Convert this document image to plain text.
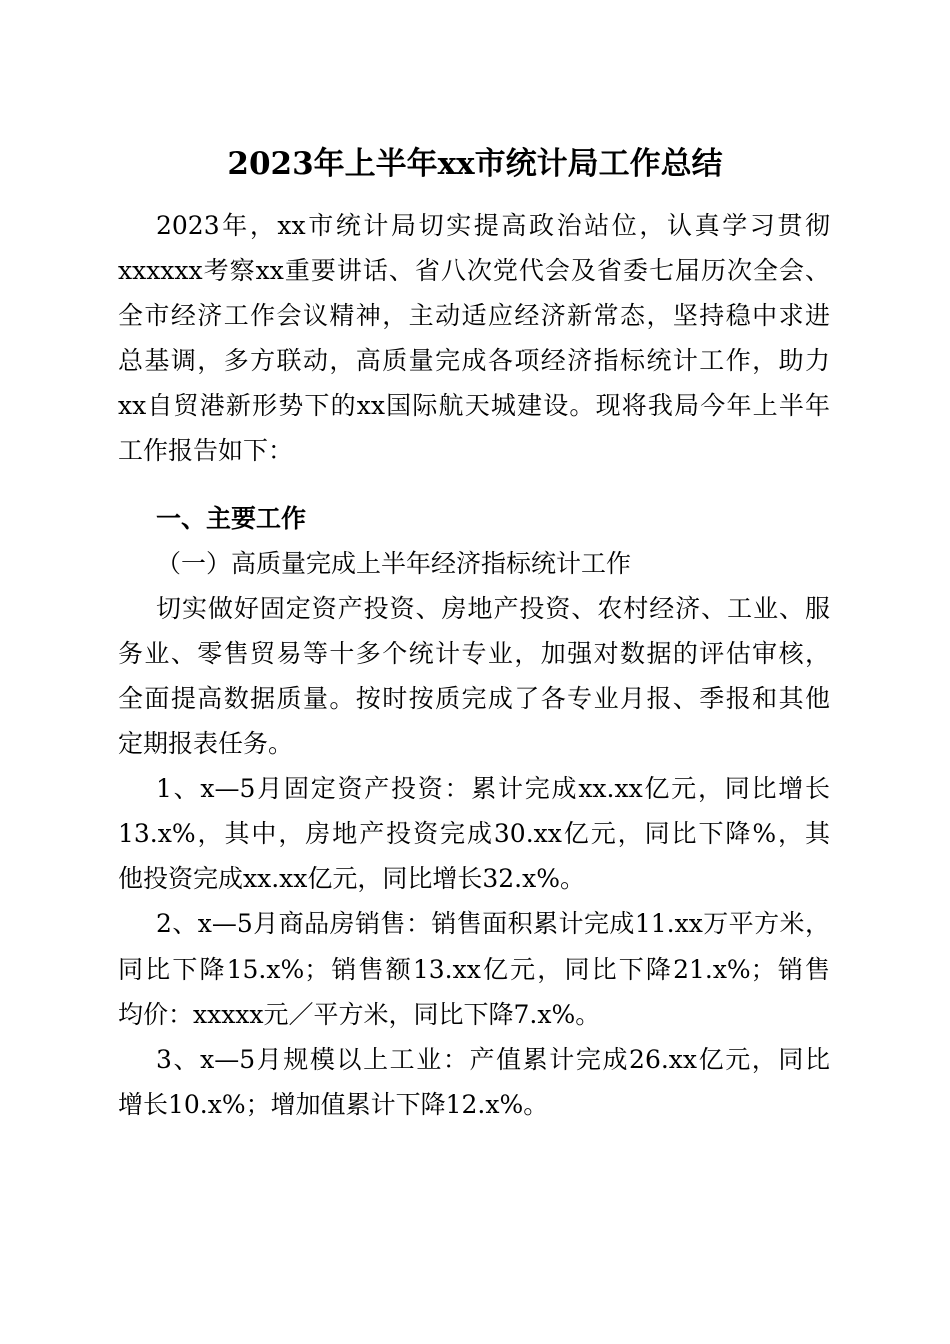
2023年上半年xx市统计局工作总结
2023年，xx市统计局切实提高政治站位，认真学习贯彻
xxxxxx考察xx重要讲话、省八次党代会及省委七届历次全会、
全市经济工作会议精神，主动适应经济新常态，坚持稳中求进
总基调，多方联动，高质量完成各项经济指标统计工作，助力
xx自贸港新形势下的xx国际航天城建设。现将我局今年上半年
工作报告如下：
一、主要工作
（一）高质量完成上半年经济指标统计工作
切实做好固定资产投资、房地产投资、农村经济、工业、服
务业、零售贸易等十多个统计专业，加强对数据的评估审核，
全面提高数据质量。按时按质完成了各专业月报、季报和其他
定期报表任务。
1、x—5月固定资产投资：累计完成xx.xx亿元，同比增长
13.x%，其中，房地产投资完成30.xx亿元，同比下降%，其
他投资完成xx.xx亿元，同比增长32.x%。
2、x—5月商品房销售：销售面积累计完成11.xx万平方米，
同比下降15.x%；销售额13.xx亿元，同比下降21.x%；销售
均价：xxxxx元／平方米，同比下降7.x%。
3、x—5月规模以上工业：产值累计完成26.xx亿元，同比
增长10.x%；增加值累计下降12.x%。
